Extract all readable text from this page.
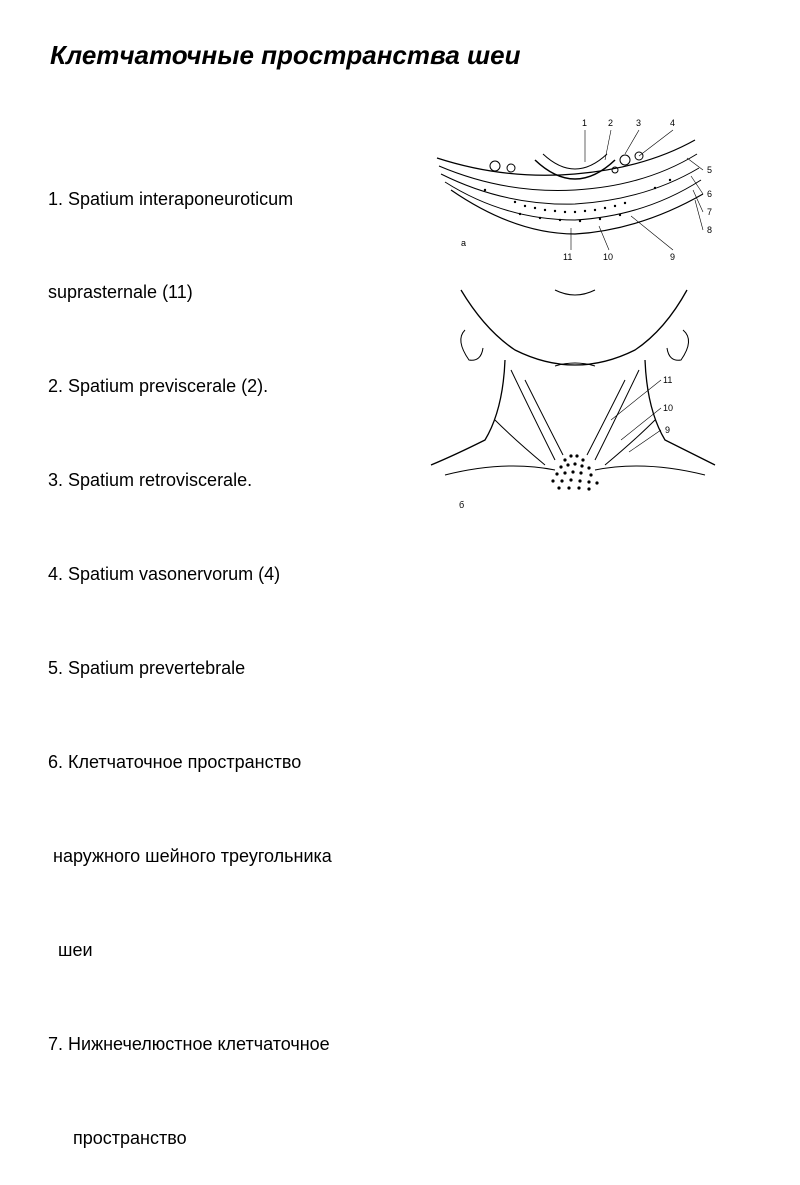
Клетчаточные пространства шеи

1. Spatium interaponeuroticum

suprasternale (11)

2. Spatium previscerale (2).

3. Spatium retroviscerale.

4. Spatium vasonervorum (4)

5. Spatium prevertebrale

6. Клетчаточное пространство

наружного шейного треугольника

шеи

7. Нижнечелюстное клетчаточное

пространство

1 2	3	4
5
6
7
8
11	10	9
а
11
10
9
б
